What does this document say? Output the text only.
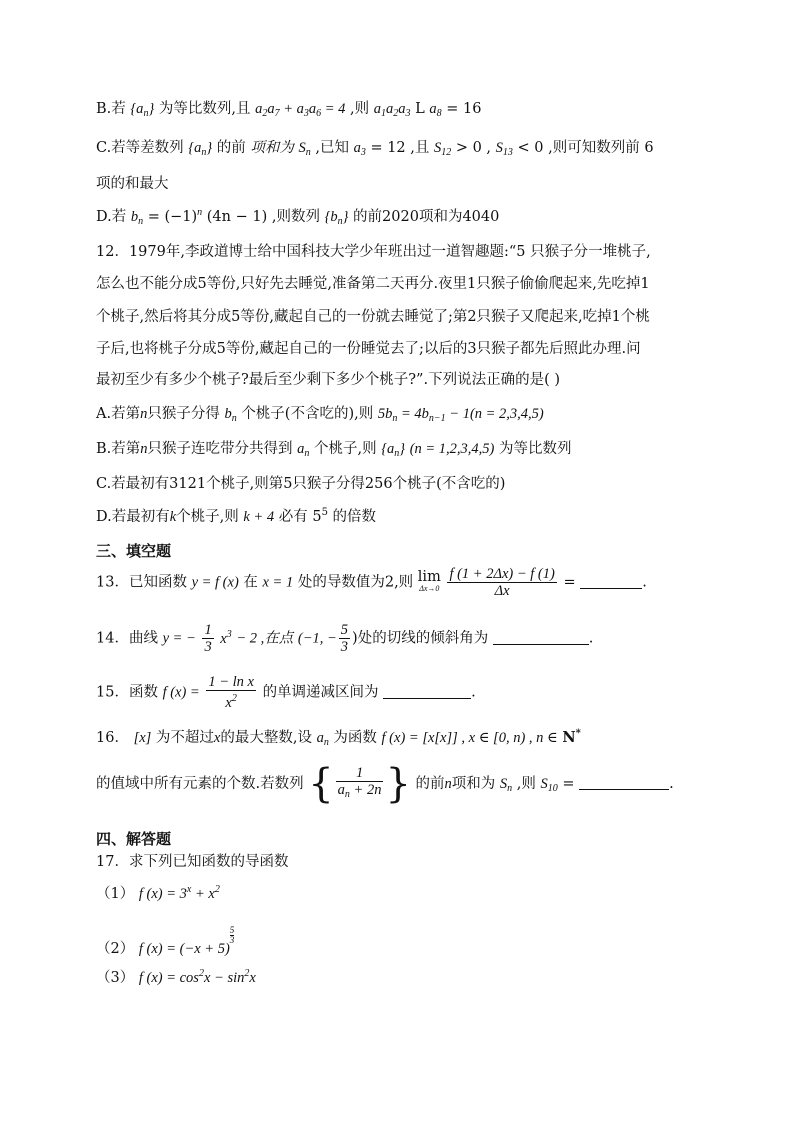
B.若 $\{a_n\}$ 为等比数列,且 $a_2a_7 + a_3a_6 = 4$ ,则 $a_1a_2a_3$ L $a_8 = 16$
C.若等差数列 $\{a_n\}$ 的前 项和为 $S_n$ ,已知 $a_3 = 12$ ,且 $S_{12} > 0$ , $S_{13} < 0$ ,则可知数列前 6
项的和最大
D.若 $b_n = (-1)^n$ (4n − 1) ,则数列 $\{b_n\}$ 的前2020项和为4040
12．1979年,李政道博士给中国科技大学少年班出过一道智趣题:“5 只猴子分一堆桃子,
怎么也不能分成5等份,只好先去睡觉,准备第二天再分.夜里1只猴子偷偷爬起来,先吃掉1
个桃子,然后将其分成5等份,藏起自己的一份就去睡觉了;第2只猴子又爬起来,吃掉1个桃
子后,也将桃子分成5等份,藏起自己的一份睡觉去了;以后的3只猴子都先后照此办理.问
最初至少有多少个桃子?最后至少剩下多少个桃子?”.下列说法正确的是( )
A.若第n只猴子分得 $b_n$ 个桃子(不含吃的),则 $5b_n = 4b_{n-1} - 1(n = 2,3,4,5)$
B.若第n只猴子连吃带分共得到 $a_n$ 个桃子,则 $\{a_n\} (n = 1,2,3,4,5)$ 为等比数列
C.若最初有3121个桃子,则第5只猴子分得256个桃子(不含吃的)
D.若最初有k个桃子,则 k + 4 必有 $5^5$ 的倍数
三、填空题
13．已知函数 y = f (x) 在 x = 1 处的导数值为2,则 lim
Δx→0
$\frac{f (1 + 2\Delta x) - f (1)}{\Delta x}$ =	.
14．曲线 y = − $\frac{1}{3} x^3 - 2$ ,在点 (−1, − $\frac{5}{3}$ )处的切线的倾斜角为	.
15．函数 f $(x) = \frac{\text{1 − ln x}}{x^2}$ 的单调递减区间为	.
16． [x] 为不超过x的最大整数,设 $a_n$ 为函数 f (x) = [x[x]] , x ∈ [0, n) , n ∈ N*
的值域中所有元素的个数.若数列 { $\frac{1}{a_n + 2n}$ } 的前n项和为 $S_n$ ,则 $S_{10}$ =	.
四、解答题
17．求下列已知函数的导函数
（1） f $(x) = 3^x + x^2$
（2） f (x) = (−x + 5)
$\frac{5}{3}$
（3） f $(x) = \cos^2x - \sin^2x$
